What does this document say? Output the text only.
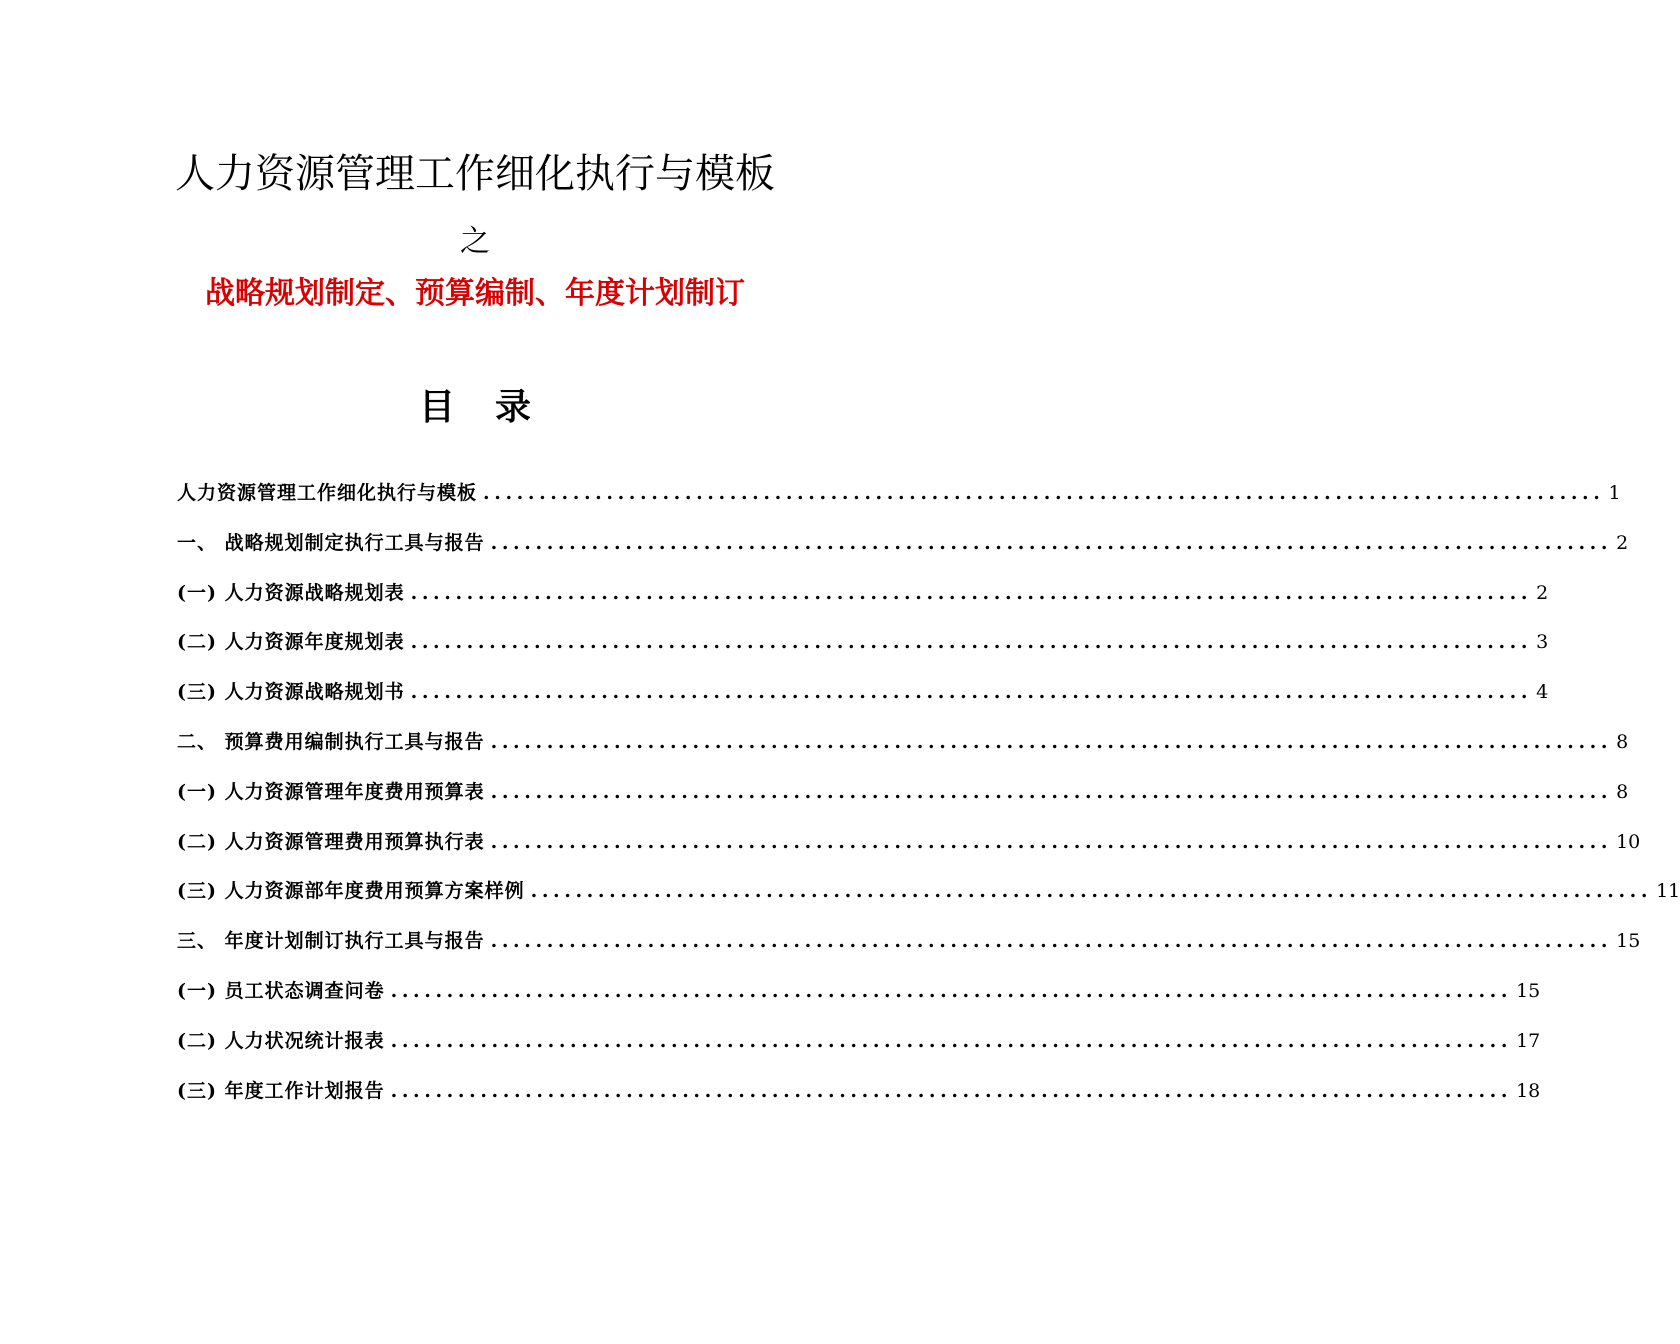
人力资源管理工作细化执行与模板
之
战略规划制定、预算编制、年度计划制订
目 录
人力资源管理工作细化执行与模板 .................................................................................................... 1
一、 战略规划制定执行工具与报告 .................................................................................................... 2
(一) 人力资源战略规划表 .................................................................................................... 2
(二) 人力资源年度规划表 .................................................................................................... 3
(三) 人力资源战略规划书 .................................................................................................... 4
二、 预算费用编制执行工具与报告 .................................................................................................... 8
(一) 人力资源管理年度费用预算表 .................................................................................................... 8
(二) 人力资源管理费用预算执行表 .................................................................................................... 10
(三) 人力资源部年度费用预算方案样例 .................................................................................................... 11
三、 年度计划制订执行工具与报告 .................................................................................................... 15
(一) 员工状态调查问卷 .................................................................................................... 15
(二) 人力状况统计报表 .................................................................................................... 17
(三) 年度工作计划报告 .................................................................................................... 18
